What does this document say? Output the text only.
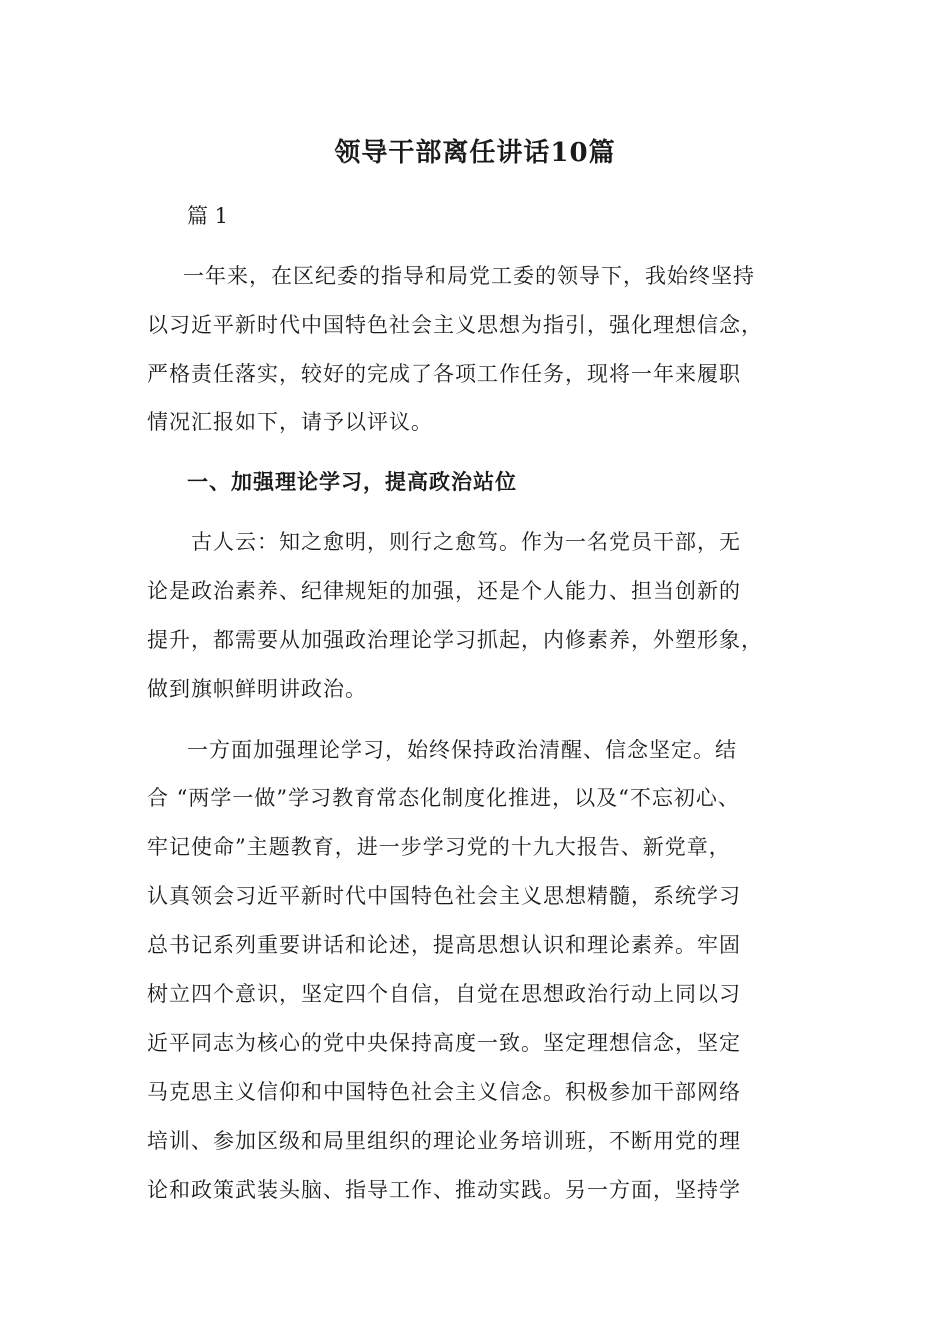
领导干部离任讲话10篇
篇 1
一年来，在区纪委的指导和局党工委的领导下，我始终坚持
以习近平新时代中国特色社会主义思想为指引，强化理想信念，
严格责任落实，较好的完成了各项工作任务，现将一年来履职
情况汇报如下，请予以评议。
一、加强理论学习，提高政治站位
古人云：知之愈明，则行之愈笃。作为一名党员干部，无
论是政治素养、纪律规矩的加强，还是个人能力、担当创新的
提升，都需要从加强政治理论学习抓起，内修素养，外塑形象，
做到旗帜鲜明讲政治。
一方面加强理论学习，始终保持政治清醒、信念坚定。结
合 “两学一做”学习教育常态化制度化推进，以及“不忘初心、
牢记使命”主题教育，进一步学习党的十九大报告、新党章，
认真领会习近平新时代中国特色社会主义思想精髓，系统学习
总书记系列重要讲话和论述，提高思想认识和理论素养。牢固
树立四个意识，坚定四个自信，自觉在思想政治行动上同以习
近平同志为核心的党中央保持高度一致。坚定理想信念，坚定
马克思主义信仰和中国特色社会主义信念。积极参加干部网络
培训、参加区级和局里组织的理论业务培训班，不断用党的理
论和政策武装头脑、指导工作、推动实践。另一方面，坚持学
